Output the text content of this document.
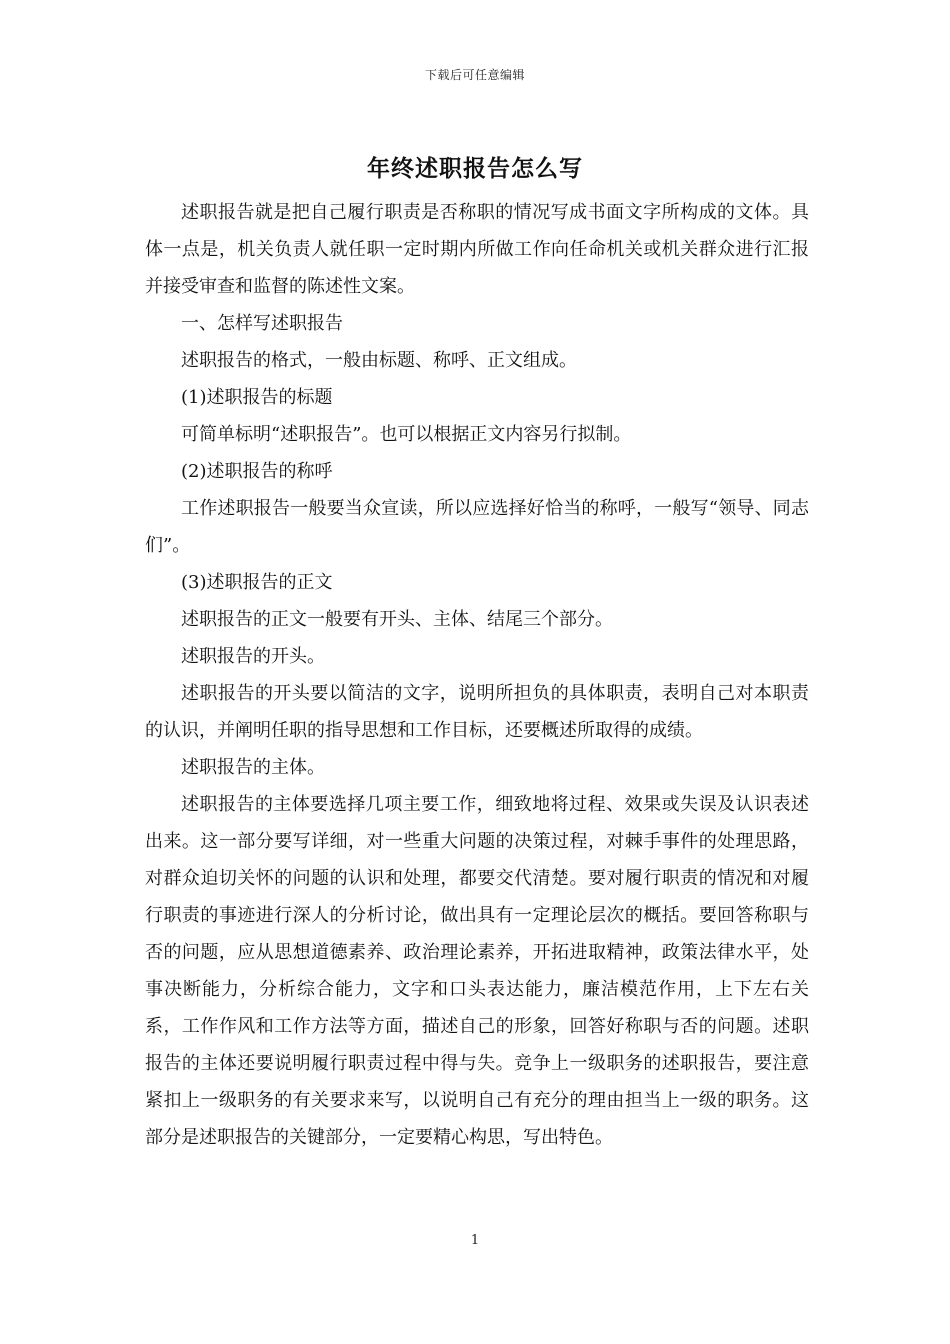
下载后可任意编辑
年终述职报告怎么写

述职报告就是把自己履行职责是否称职的情况写成书面文字所构成的文体。具体一点是，机关负责人就任职一定时期内所做工作向任命机关或机关群众进行汇报并接受审查和监督的陈述性文案。

一、怎样写述职报告

述职报告的格式，一般由标题、称呼、正文组成。

(1)述职报告的标题

可简单标明“述职报告”。也可以根据正文内容另行拟制。

(2)述职报告的称呼

工作述职报告一般要当众宣读，所以应选择好恰当的称呼，一般写“领导、同志们”。

(3)述职报告的正文

述职报告的正文一般要有开头、主体、结尾三个部分。

述职报告的开头。

述职报告的开头要以简洁的文字，说明所担负的具体职责，表明自己对本职责的认识，并阐明任职的指导思想和工作目标，还要概述所取得的成绩。

述职报告的主体。

述职报告的主体要选择几项主要工作，细致地将过程、效果或失误及认识表述出来。这一部分要写详细，对一些重大问题的决策过程，对棘手事件的处理思路，对群众迫切关怀的问题的认识和处理，都要交代清楚。要对履行职责的情况和对履行职责的事迹进行深人的分析讨论，做出具有一定理论层次的概括。要回答称职与否的问题，应从思想道德素养、政治理论素养，开拓进取精神，政策法律水平，处事决断能力，分析综合能力，文字和口头表达能力，廉洁模范作用，上下左右关系，工作作风和工作方法等方面，描述自己的形象，回答好称职与否的问题。述职报告的主体还要说明履行职责过程中得与失。竞争上一级职务的述职报告，要注意紧扣上一级职务的有关要求来写，以说明自己有充分的理由担当上一级的职务。这部分是述职报告的关键部分，一定要精心构思，写出特色。

1
